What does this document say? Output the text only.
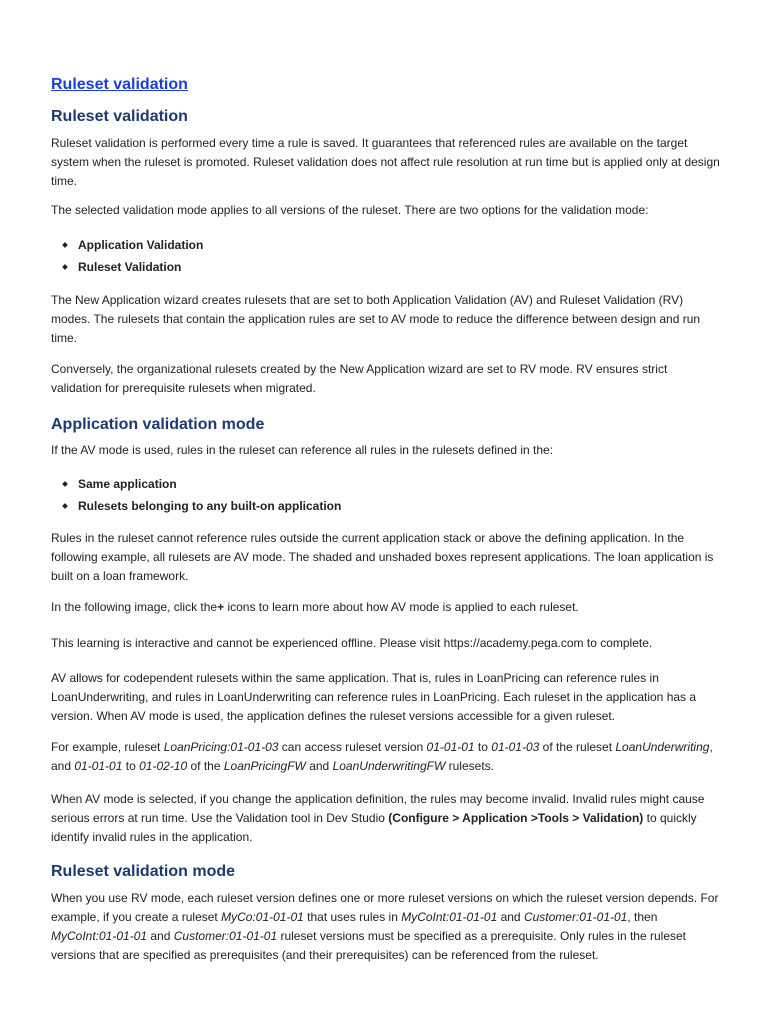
Ruleset validation
Ruleset validation

Ruleset validation is performed every time a rule is saved. It guarantees that referenced rules are available on the target system when the ruleset is promoted. Ruleset validation does not affect rule resolution at run time but is applied only at design time.

The selected validation mode applies to all versions of the ruleset. There are two options for the validation mode:

Application Validation
Ruleset Validation

The New Application wizard creates rulesets that are set to both Application Validation (AV) and Ruleset Validation (RV) modes. The rulesets that contain the application rules are set to AV mode to reduce the difference between design and run time.

Conversely, the organizational rulesets created by the New Application wizard are set to RV mode. RV ensures strict validation for prerequisite rulesets when migrated.

Application validation mode

If the AV mode is used, rules in the ruleset can reference all rules in the rulesets defined in the:

Same application
Rulesets belonging to any built-on application

Rules in the ruleset cannot reference rules outside the current application stack or above the defining application. In the following example, all rulesets are AV mode. The shaded and unshaded boxes represent applications. The loan application is built on a loan framework.

In the following image, click the+ icons to learn more about how AV mode is applied to each ruleset.

This learning is interactive and cannot be experienced offline. Please visit https://academy.pega.com to complete.

AV allows for codependent rulesets within the same application. That is, rules in LoanPricing can reference rules in LoanUnderwriting, and rules in LoanUnderwriting can reference rules in LoanPricing. Each ruleset in the application has a version. When AV mode is used, the application defines the ruleset versions accessible for a given ruleset.

For example, ruleset LoanPricing:01-01-03 can access ruleset version 01-01-01 to 01-01-03 of the ruleset LoanUnderwriting, and 01-01-01 to 01-02-10 of the LoanPricingFW and LoanUnderwritingFW rulesets.

When AV mode is selected, if you change the application definition, the rules may become invalid. Invalid rules might cause serious errors at run time. Use the Validation tool in Dev Studio (Configure > Application >Tools > Validation) to quickly identify invalid rules in the application.

Ruleset validation mode

When you use RV mode, each ruleset version defines one or more ruleset versions on which the ruleset version depends. For example, if you create a ruleset MyCo:01-01-01 that uses rules in MyCoInt:01-01-01 and Customer:01-01-01, then MyCoInt:01-01-01 and Customer:01-01-01 ruleset versions must be specified as a prerequisite. Only rules in the ruleset versions that are specified as prerequisites (and their prerequisites) can be referenced from the ruleset.
